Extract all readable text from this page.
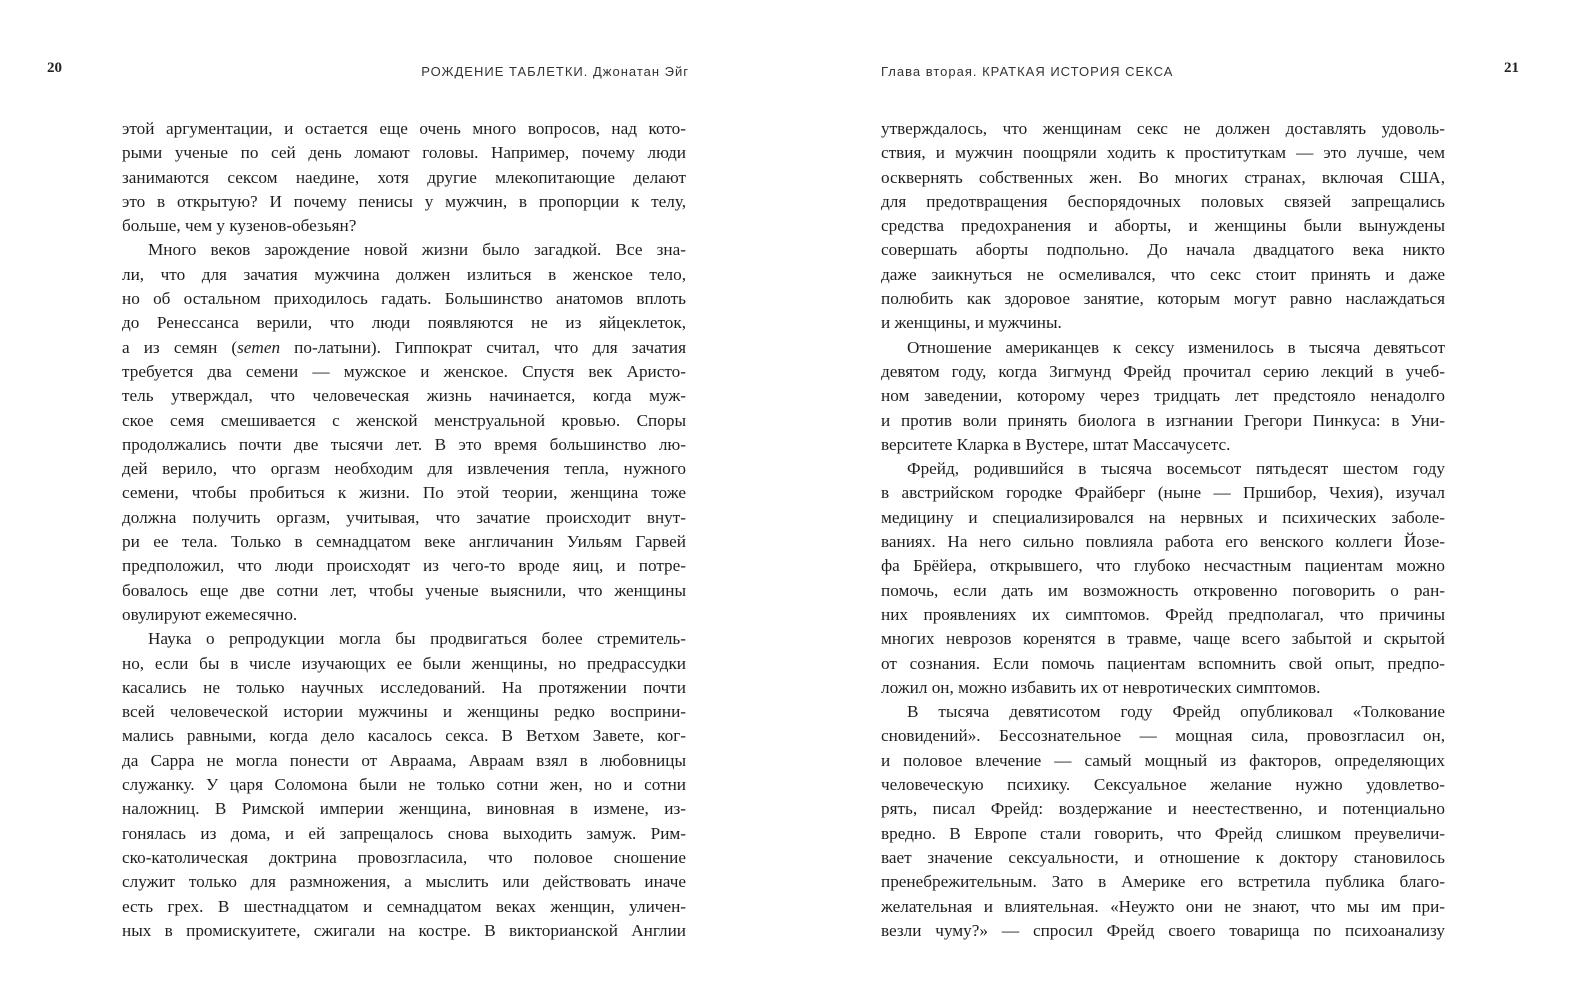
20	РОЖДЕНИЕ ТАБЛЕТКИ. Джонатан Эйг
этой аргументации, и остается еще очень много вопросов, над кото-
рыми ученые по сей день ломают головы. Например, почему люди
занимаются сексом наедине, хотя другие млекопитающие делают
это в открытую? И почему пенисы у мужчин, в пропорции к телу,
больше, чем у кузенов-обезьян?
Много веков зарождение новой жизни было загадкой. Все зна-
ли, что для зачатия мужчина должен излиться в женское тело,
но об остальном приходилось гадать. Большинство анатомов вплоть
до Ренессанса верили, что люди появляются не из яйцеклеток,
а из семян (semen по-латыни). Гиппократ считал, что для зачатия
требуется два семени — мужское и женское. Спустя век Аристо-
тель утверждал, что человеческая жизнь начинается, когда муж-
ское семя смешивается с женской менструальной кровью. Споры
продолжались почти две тысячи лет. В это время большинство лю-
дей верило, что оргазм необходим для извлечения тепла, нужного
семени, чтобы пробиться к жизни. По этой теории, женщина тоже
должна получить оргазм, учитывая, что зачатие происходит внут-
ри ее тела. Только в семнадцатом веке англичанин Уильям Гарвей
предположил, что люди происходят из чего-то вроде яиц, и потре-
бовалось еще две сотни лет, чтобы ученые выяснили, что женщины
овулируют ежемесячно.
Наука о репродукции могла бы продвигаться более стремитель-
но, если бы в числе изучающих ее были женщины, но предрассудки
касались не только научных исследований. На протяжении почти
всей человеческой истории мужчины и женщины редко восприни-
мались равными, когда дело касалось секса. В Ветхом Завете, ког-
да Сарра не могла понести от Авраама, Авраам взял в любовницы
служанку. У царя Соломона были не только сотни жен, но и сотни
наложниц. В Римской империи женщина, виновная в измене, из-
гонялась из дома, и ей запрещалось снова выходить замуж. Рим-
ско-католическая доктрина провозгласила, что половое сношение
служит только для размножения, а мыслить или действовать иначе
есть грех. В шестнадцатом и семнадцатом веках женщин, уличен-
ных в промискуитете, сжигали на костре. В викторианской Англии
21
Глава вторая. КРАТКАЯ ИСТОРИЯ СЕКСА
утверждалось, что женщинам секс не должен доставлять удоволь-
ствия, и мужчин поощряли ходить к проституткам — это лучше, чем
осквернять собственных жен. Во многих странах, включая США,
для предотвращения беспорядочных половых связей запрещались
средства предохранения и аборты, и женщины были вынуждены
совершать аборты подпольно. До начала двадцатого века никто
даже заикнуться не осмеливался, что секс стоит принять и даже
полюбить как здоровое занятие, которым могут равно наслаждаться
и женщины, и мужчины.
Отношение американцев к сексу изменилось в тысяча девятьсот
девятом году, когда Зигмунд Фрейд прочитал серию лекций в учеб-
ном заведении, которому через тридцать лет предстояло ненадолго
и против воли принять биолога в изгнании Грегори Пинкуса: в Уни-
верситете Кларка в Вустере, штат Массачусетс.
Фрейд, родившийся в тысяча восемьсот пятьдесят шестом году
в австрийском городке Фрайберг (ныне — Пршибор, Чехия), изучал
медицину и специализировался на нервных и психических заболе-
ваниях. На него сильно повлияла работа его венского коллеги Йозе-
фа Брёйера, открывшего, что глубоко несчастным пациентам можно
помочь, если дать им возможность откровенно поговорить о ран-
них проявлениях их симптомов. Фрейд предполагал, что причины
многих неврозов коренятся в травме, чаще всего забытой и скрытой
от сознания. Если помочь пациентам вспомнить свой опыт, предпо-
ложил он, можно избавить их от невротических симптомов.
В тысяча девятисотом году Фрейд опубликовал «Толкование
сновидений». Бессознательное — мощная сила, провозгласил он,
и половое влечение — самый мощный из факторов, определяющих
человеческую психику. Сексуальное желание нужно удовлетво-
рять, писал Фрейд: воздержание и неестественно, и потенциально
вредно. В Европе стали говорить, что Фрейд слишком преувеличи-
вает значение сексуальности, и отношение к доктору становилось
пренебрежительным. Зато в Америке его встретила публика благо-
желательная и влиятельная. «Неужто они не знают, что мы им при-
везли чуму?» — спросил Фрейд своего товарища по психоанализу
